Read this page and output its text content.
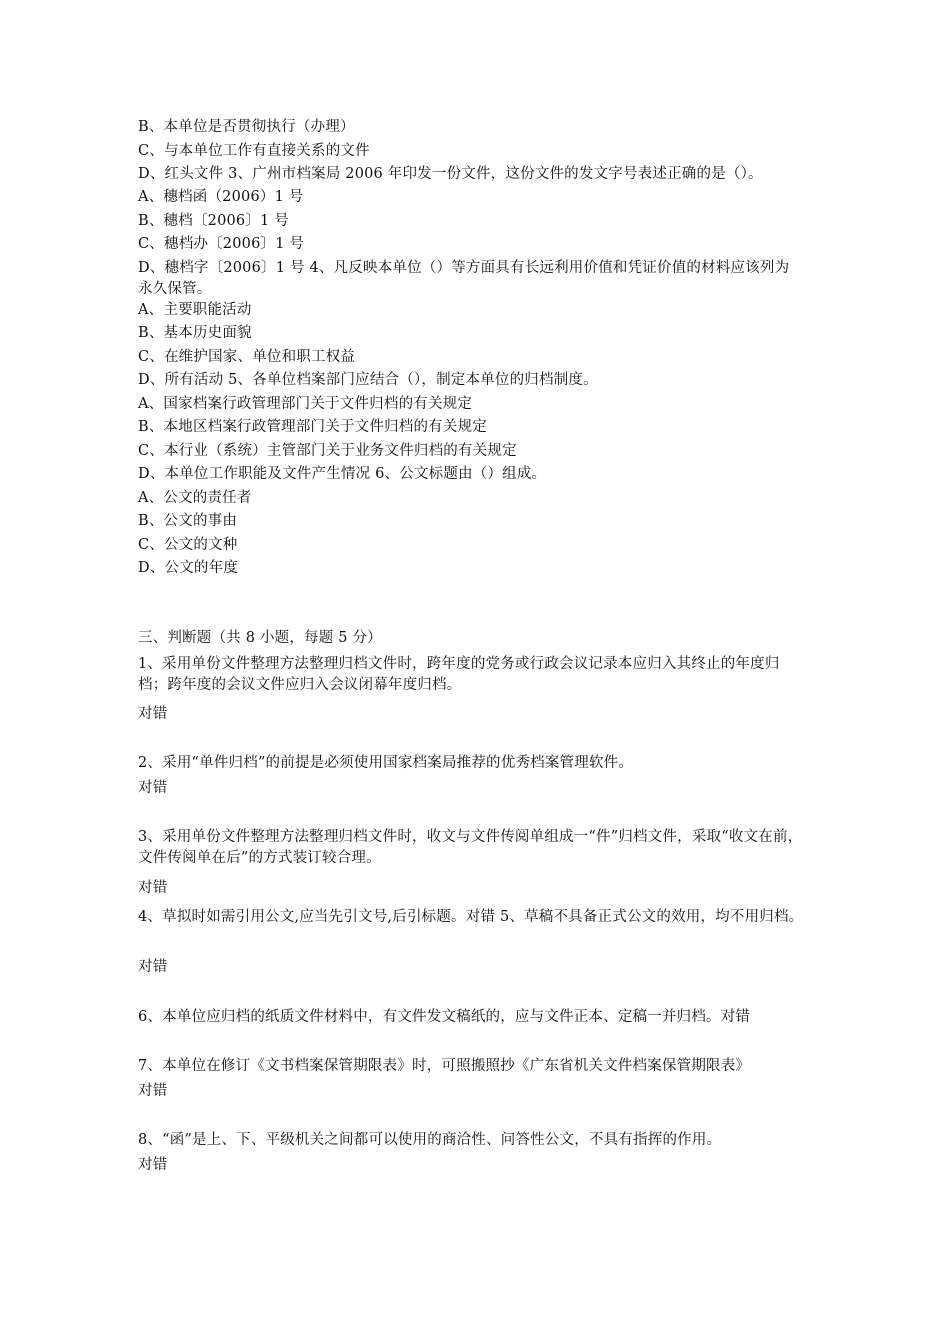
B、本单位是否贯彻执行（办理）
C、与本单位工作有直接关系的文件
D、红头文件 3、广州市档案局 2006 年印发一份文件，这份文件的发文字号表述正确的是（）。
A、穗档函（2006）1 号
B、穗档〔2006〕1 号
C、穗档办〔2006〕1 号
D、穗档字〔2006〕1 号 4、凡反映本单位（）等方面具有长远利用价值和凭证价值的材料应该列为永久保管。
A、主要职能活动
B、基本历史面貌
C、在维护国家、单位和职工权益
D、所有活动 5、各单位档案部门应结合（），制定本单位的归档制度。
A、国家档案行政管理部门关于文件归档的有关规定
B、本地区档案行政管理部门关于文件归档的有关规定
C、本行业（系统）主管部门关于业务文件归档的有关规定
D、本单位工作职能及文件产生情况 6、公文标题由（）组成。
A、公文的责任者
B、公文的事由
C、公文的文种
D、公文的年度
三、判断题（共 8 小题，每题 5 分）
1、采用单份文件整理方法整理归档文件时，跨年度的党务或行政会议记录本应归入其终止的年度归档；跨年度的会议文件应归入会议闭幕年度归档。
对错
2、采用“单件归档”的前提是必须使用国家档案局推荐的优秀档案管理软件。
对错
3、采用单份文件整理方法整理归档文件时，收文与文件传阅单组成一“件”归档文件，采取“收文在前，文件传阅单在后”的方式装订较合理。
对错
4、草拟时如需引用公文,应当先引文号,后引标题。对错 5、草稿不具备正式公文的效用，均不用归档。
对错
6、本单位应归档的纸质文件材料中，有文件发文稿纸的，应与文件正本、定稿一并归档。对错
7、本单位在修订《文书档案保管期限表》时，可照搬照抄《广东省机关文件档案保管期限表》
对错
8、“函”是上、下、平级机关之间都可以使用的商洽性、问答性公文，不具有指挥的作用。
对错
